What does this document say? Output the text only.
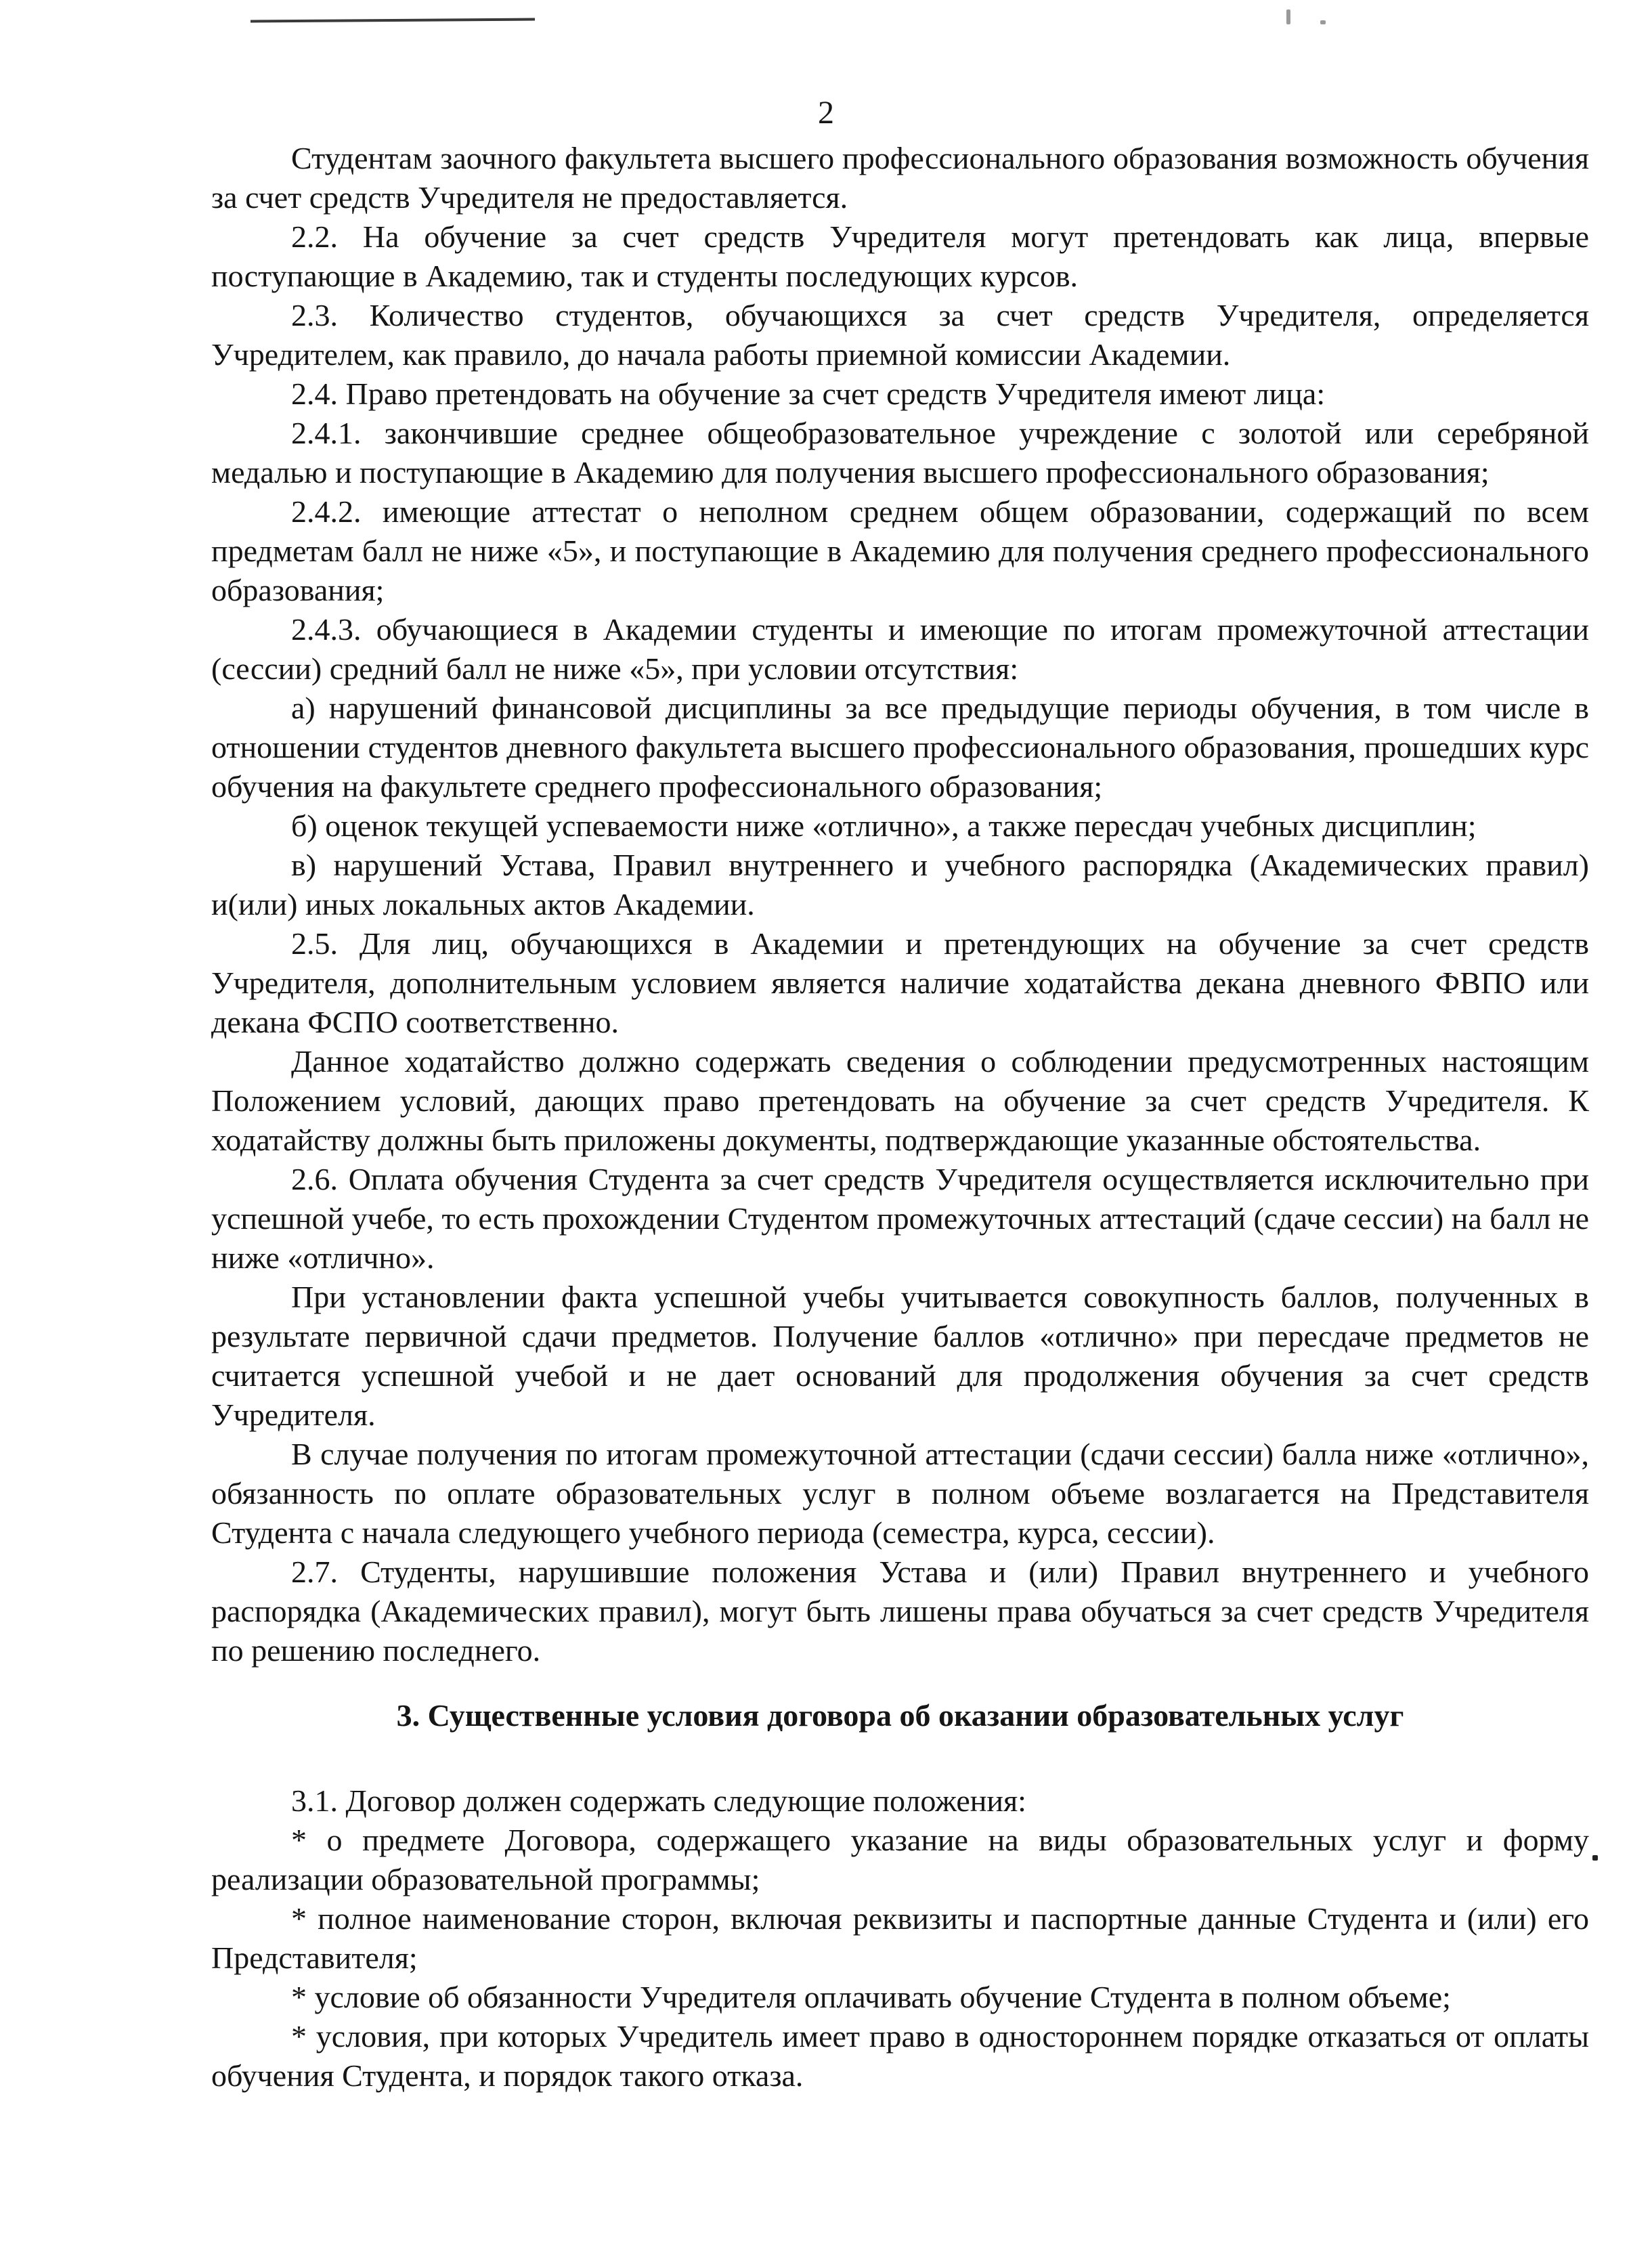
2

Студентам заочного факультета высшего профессионального образования возможность обучения за счет средств Учредителя не предоставляется.

2.2. На обучение за счет средств Учредителя могут претендовать как лица, впервые поступающие в Академию, так и студенты последующих курсов.

2.3. Количество студентов, обучающихся за счет средств Учредителя, определяется Учредителем, как правило, до начала работы приемной комиссии Академии.

2.4. Право претендовать на обучение за счет средств Учредителя имеют лица:

2.4.1. закончившие среднее общеобразовательное учреждение с золотой или серебряной медалью и поступающие в Академию для получения высшего профессионального образования;

2.4.2. имеющие аттестат о неполном среднем общем образовании, содержащий по всем предметам балл не ниже «5», и поступающие в Академию для получения среднего профессионального образования;

2.4.3. обучающиеся в Академии студенты и имеющие по итогам промежуточной аттестации (сессии) средний балл не ниже «5», при условии отсутствия:

а) нарушений финансовой дисциплины за все предыдущие периоды обучения, в том числе в отношении студентов дневного факультета высшего профессионального образования, прошедших курс обучения на факультете среднего профессионального образования;

б) оценок текущей успеваемости ниже «отлично», а также пересдач учебных дисциплин;

в) нарушений Устава, Правил внутреннего и учебного распорядка (Академических правил) и(или) иных локальных актов Академии.

2.5. Для лиц, обучающихся в Академии и претендующих на обучение за счет средств Учредителя, дополнительным условием является наличие ходатайства декана дневного ФВПО или декана ФСПО соответственно.

Данное ходатайство должно содержать сведения о соблюдении предусмотренных настоящим Положением условий, дающих право претендовать на обучение за счет средств Учредителя. К ходатайству должны быть приложены документы, подтверждающие указанные обстоятельства.

2.6. Оплата обучения Студента за счет средств Учредителя осуществляется исключительно при успешной учебе, то есть прохождении Студентом промежуточных аттестаций (сдаче сессии) на балл не ниже «отлично».

При установлении факта успешной учебы учитывается совокупность баллов, полученных в результате первичной сдачи предметов. Получение баллов «отлично» при пересдаче предметов не считается успешной учебой и не дает оснований для продолжения обучения за счет средств Учредителя.

В случае получения по итогам промежуточной аттестации (сдачи сессии) балла ниже «отлично», обязанность по оплате образовательных услуг в полном объеме возлагается на Представителя Студента с начала следующего учебного периода (семестра, курса, сессии).

2.7. Студенты, нарушившие положения Устава и (или) Правил внутреннего и учебного распорядка (Академических правил), могут быть лишены права обучаться за счет средств Учредителя по решению последнего.

3. Существенные условия договора об оказании образовательных услуг

3.1. Договор должен содержать следующие положения:

* о предмете Договора, содержащего указание на виды образовательных услуг и форму реализации образовательной программы;

* полное наименование сторон, включая реквизиты и паспортные данные Студента и (или) его Представителя;

* условие об обязанности Учредителя оплачивать обучение Студента в полном объеме;

* условия, при которых Учредитель имеет право в одностороннем порядке отказаться от оплаты обучения Студента, и порядок такого отказа.
